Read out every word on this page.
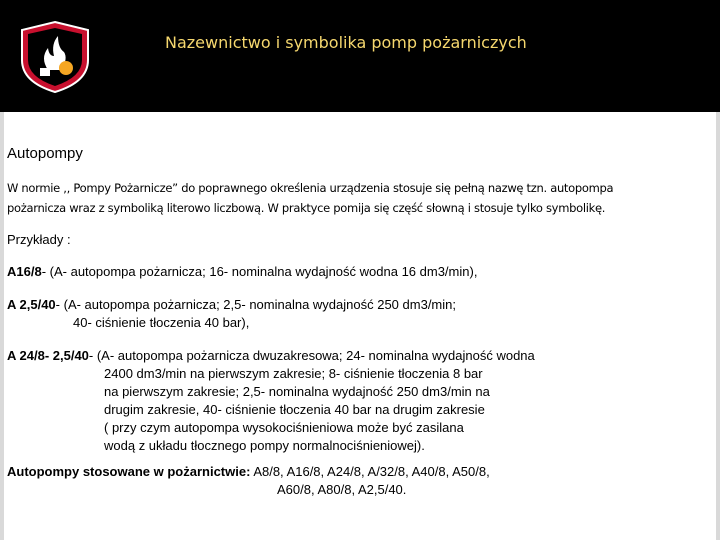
Nazewnictwo i symbolika pomp pożarniczych
Autopompy
W normie ,, Pompy Pożarnicze” do poprawnego określenia urządzenia stosuje się pełną nazwę tzn. autopompa pożarnicza wraz z symboliką literowo liczbową. W praktyce pomija się część słowną i stosuje tylko symbolikę.
Przykłady :
A16/8- (A- autopompa pożarnicza; 16- nominalna wydajność wodna 16 dm3/min),
A 2,5/40- (A- autopompa pożarnicza; 2,5- nominalna wydajność 250 dm3/min;
40- ciśnienie tłoczenia 40 bar),
A 24/8- 2,5/40- (A- autopompa pożarnicza dwuzakresowa; 24- nominalna wydajność wodna
2400 dm3/min na pierwszym zakresie; 8- ciśnienie tłoczenia 8 bar
na pierwszym zakresie; 2,5- nominalna wydajność 250 dm3/min na
drugim zakresie, 40- ciśnienie tłoczenia 40 bar na drugim zakresie
( przy czym autopompa wysokociśnieniowa może być zasilana
wodą z układu tłocznego pompy normalnociśnieniowej).
Autopompy stosowane w pożarnictwie: A8/8, A16/8, A24/8, A/32/8, A40/8, A50/8,
A60/8, A80/8, A2,5/40.
